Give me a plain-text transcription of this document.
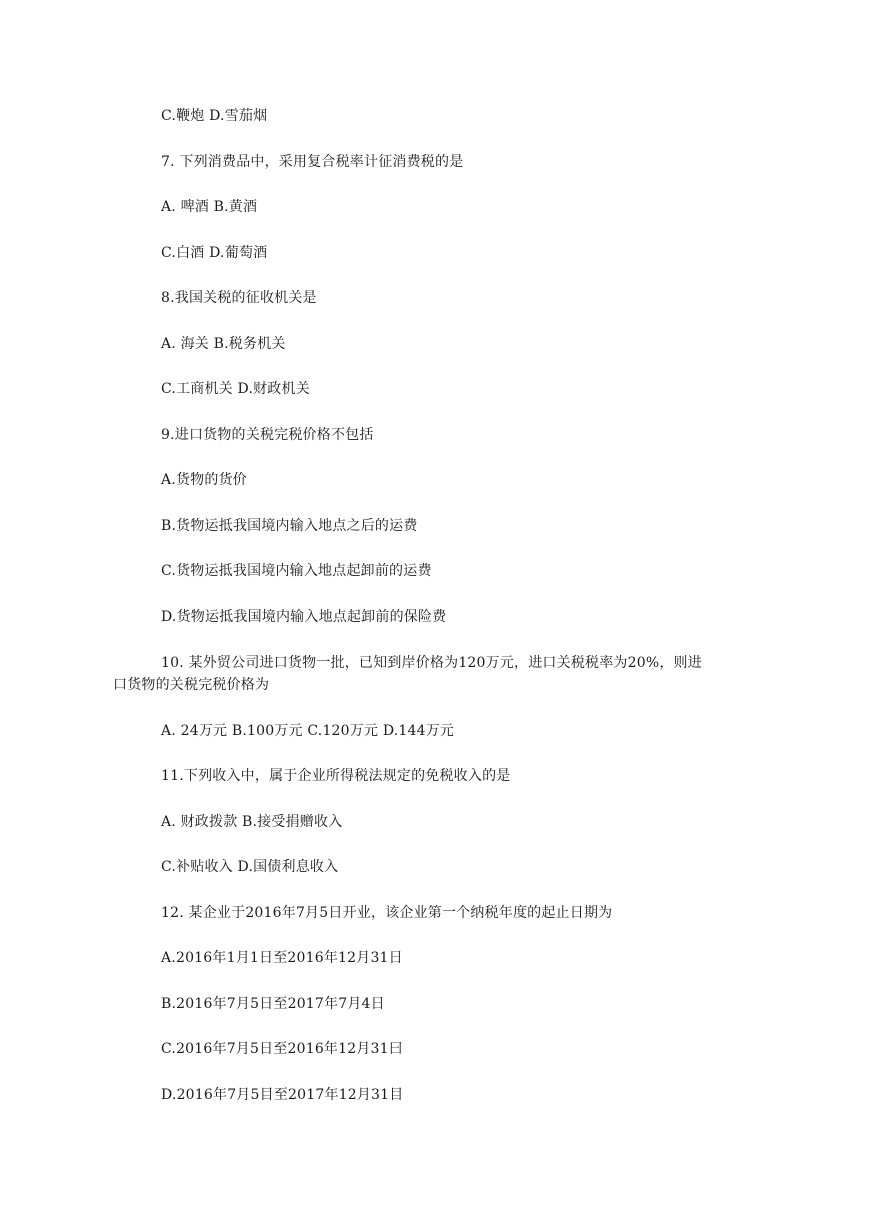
C.鞭炮 D.雪茄烟
7. 下列消费品中，采用复合税率计征消费税的是
A. 啤酒 B.黄酒
C.白酒 D.葡萄酒
8.我国关税的征收机关是
A. 海关 B.税务机关
C.工商机关 D.财政机关
9.进口货物的关税完税价格不包括
A.货物的货价
B.货物运抵我国境内输入地点之后的运费
C.货物运抵我国境内输入地点起卸前的运费
D.货物运抵我国境内输入地点起卸前的保险费
10. 某外贸公司进口货物一批，已知到岸价格为120万元，进口关税税率为20%，则进
口货物的关税完税价格为
A. 24万元 B.100万元 C.120万元 D.144万元
11.下列收入中，属于企业所得税法规定的免税收入的是
A. 财政拨款 B.接受捐赠收入
C.补贴收入 D.国债利息收入
12. 某企业于2016年7月5日开业，该企业第一个纳税年度的起止日期为
A.2016年1月1日至2016年12月31日
B.2016年7月5日至2017年7月4日
C.2016年7月5日至2016年12月31曰
D.2016年7月5目至2017年12月31目
